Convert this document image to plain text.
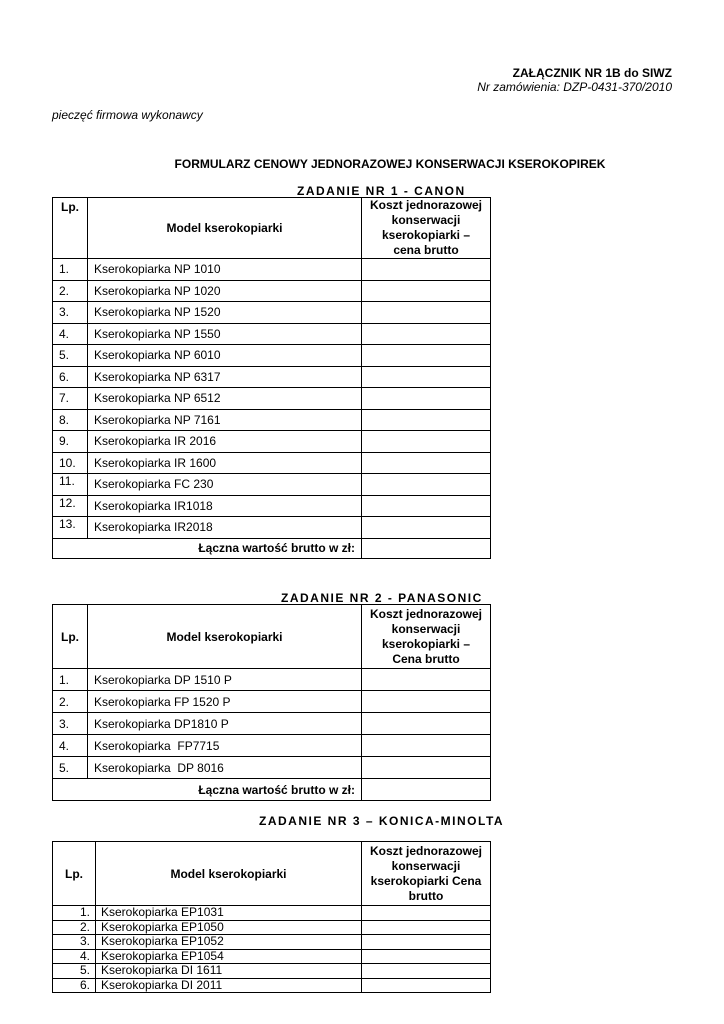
ZAŁĄCZNIK NR 1B do SIWZ
Nr zamówienia: DZP-0431-370/2010
pieczęć firmowa wykonawcy
FORMULARZ CENOWY JEDNORAZOWEJ KONSERWACJI KSEROKOPIREK
ZADANIE NR 1 - CANON
Lp.	Model kserokopiarki	Koszt jednorazowej konserwacji kserokopiarki – cena brutto
1.	Kserokopiarka NP 1010	
2.	Kserokopiarka NP 1020	
3.	Kserokopiarka NP 1520	
4.	Kserokopiarka NP 1550	
5.	Kserokopiarka NP 6010	
6.	Kserokopiarka NP 6317	
7.	Kserokopiarka NP 6512	
8.	Kserokopiarka NP 7161	
9.	Kserokopiarka IR 2016	
10.	Kserokopiarka IR 1600	
11.	Kserokopiarka FC 230	
12.	Kserokopiarka IR1018	
13.	Kserokopiarka IR2018	
Łączna wartość brutto w zł:		
ZADANIE NR 2 - PANASONIC
Lp.	Model kserokopiarki	Koszt jednorazowej konserwacji kserokopiarki – Cena brutto
1.	Kserokopiarka DP 1510 P	
2.	Kserokopiarka FP 1520 P	
3.	Kserokopiarka DP1810 P	
4.	Kserokopiarka  FP7715	
5.	Kserokopiarka  DP 8016	
Łączna wartość brutto w zł:		
ZADANIE NR 3 – KONICA-MINOLTA
Lp.	Model kserokopiarki	Koszt jednorazowej konserwacji kserokopiarki Cena brutto
1.	Kserokopiarka EP1031	
2.	Kserokopiarka EP1050	
3.	Kserokopiarka EP1052	
4.	Kserokopiarka EP1054	
5.	Kserokopiarka DI 1611	
6.	Kserokopiarka DI 2011	
